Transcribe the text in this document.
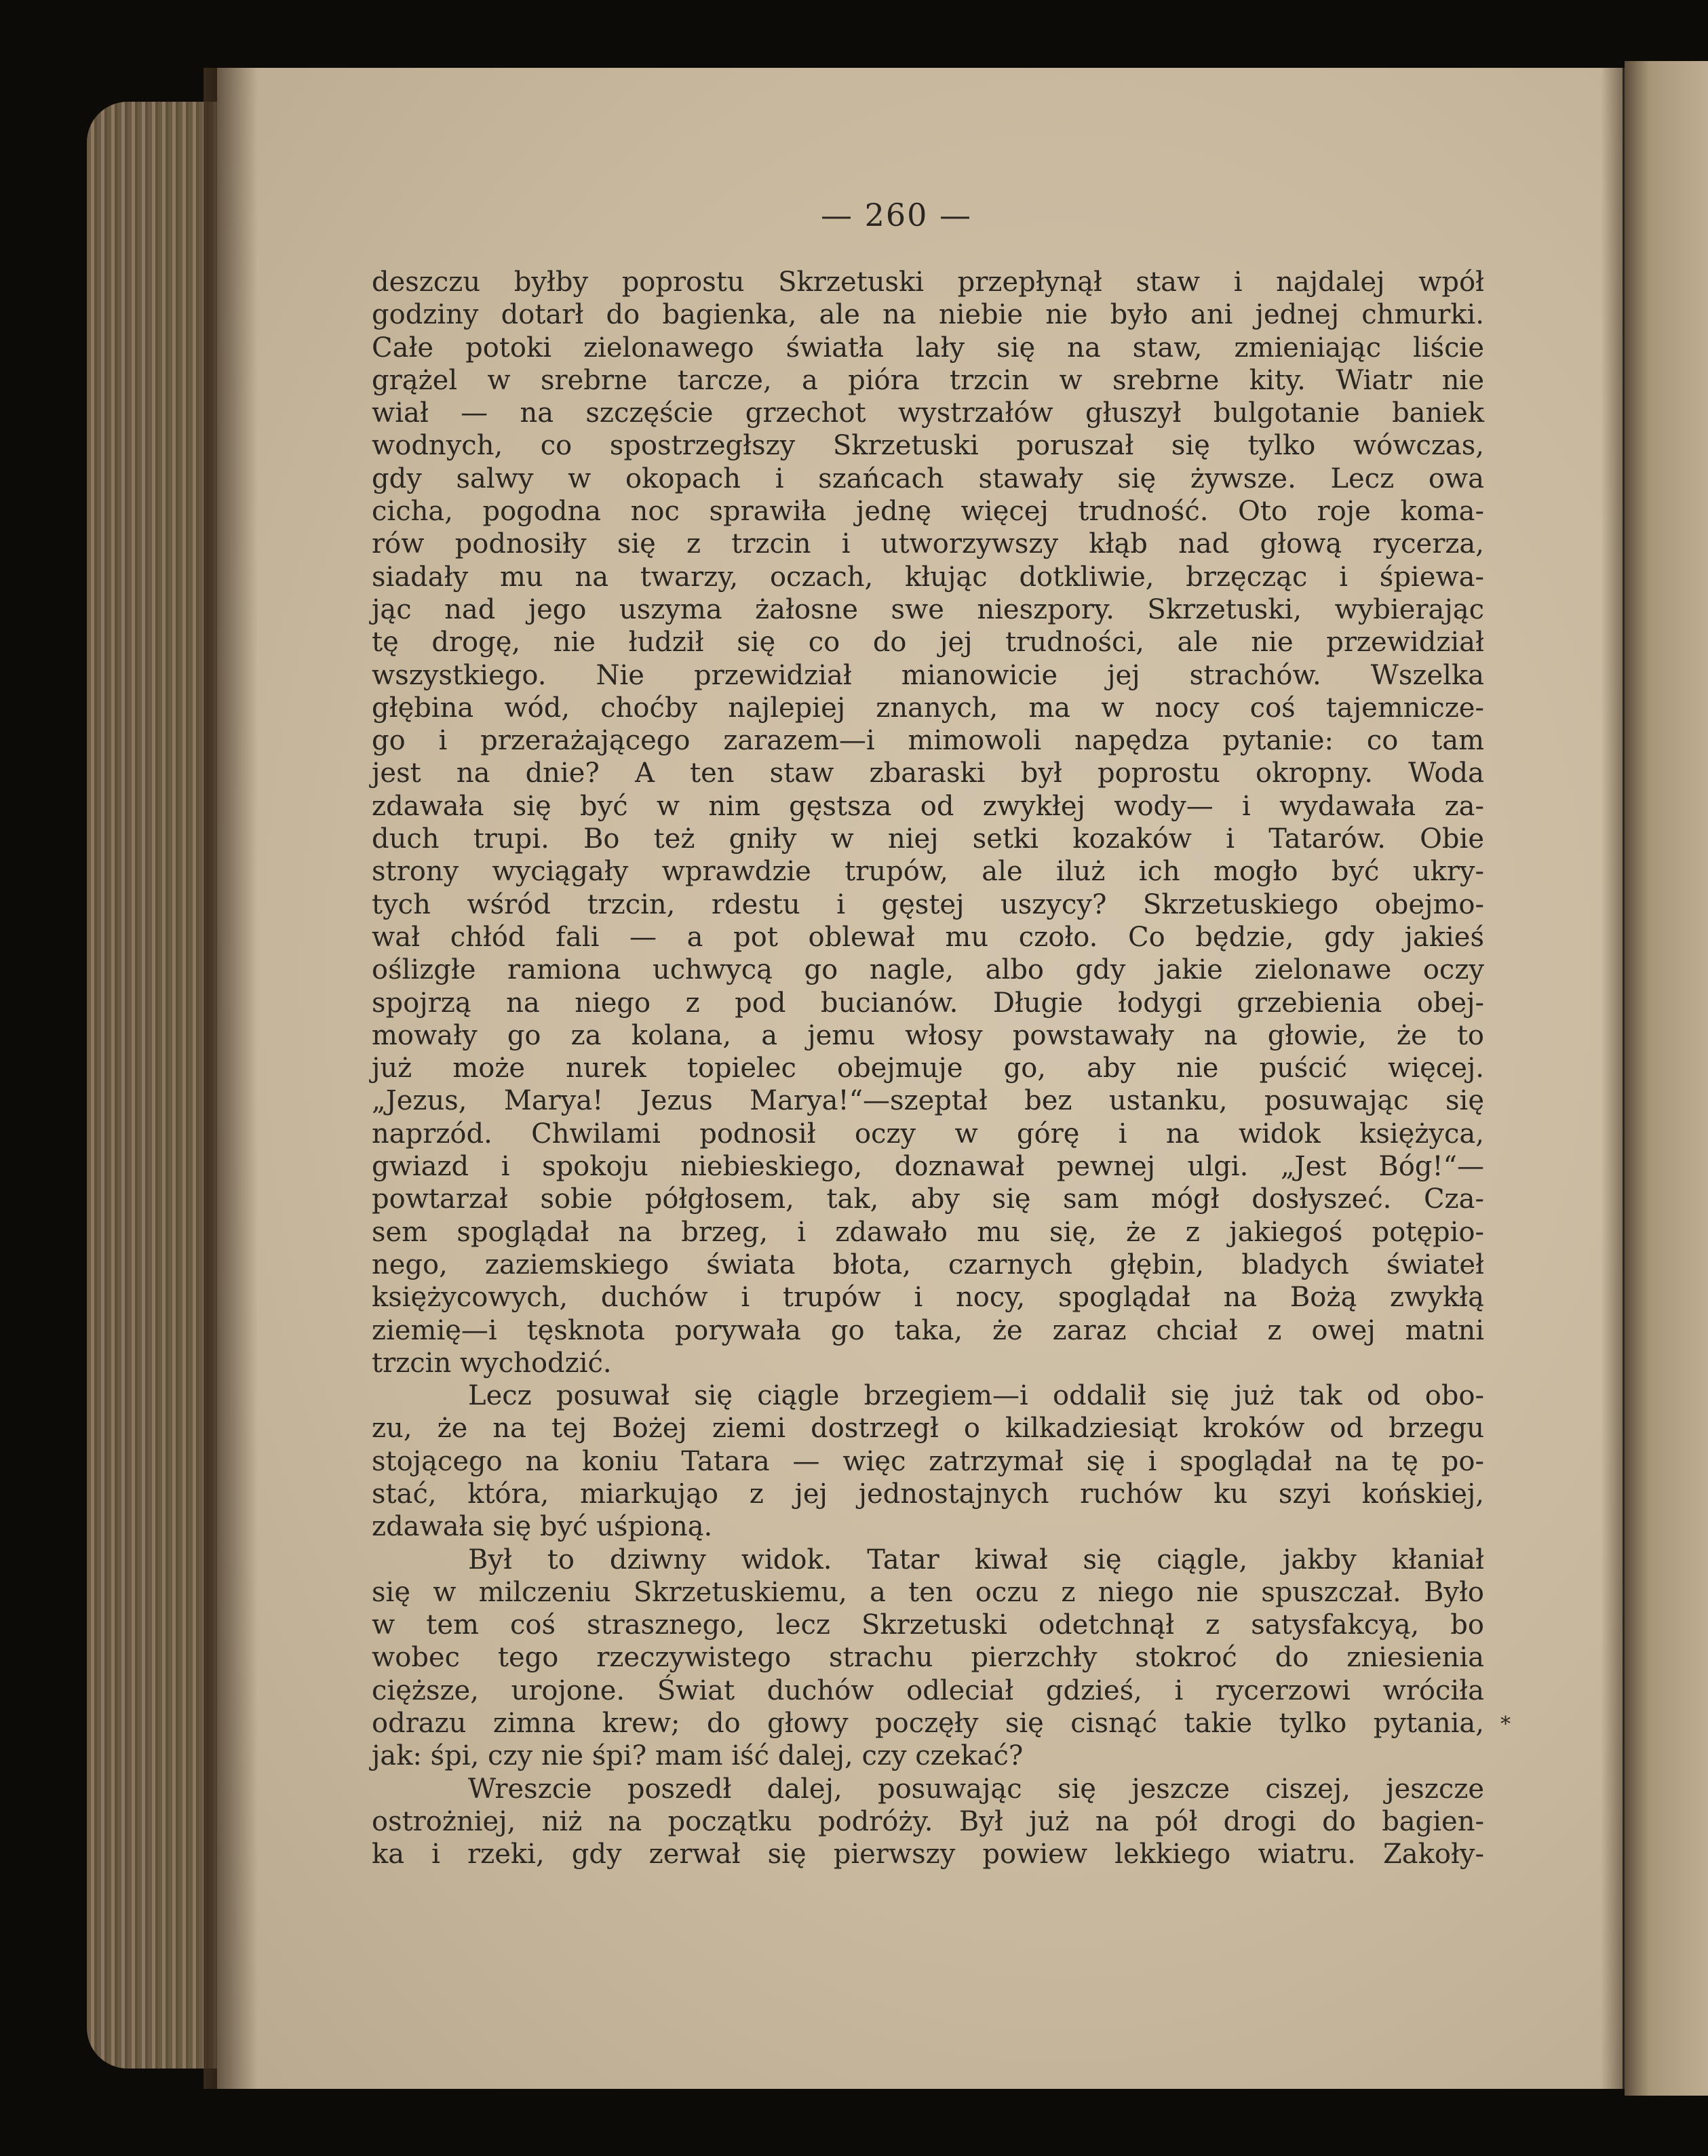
— 260 —
deszczu byłby poprostu Skrzetuski przepłynął staw i najdalej wpół
godziny dotarł do bagienka, ale na niebie nie było ani jednej chmurki.
Całe potoki zielonawego światła lały się na staw, zmieniając liście
grążel w srebrne tarcze, a pióra trzcin w srebrne kity. Wiatr nie
wiał — na szczęście grzechot wystrzałów głuszył bulgotanie baniek
wodnych, co spostrzegłszy Skrzetuski poruszał się tylko wówczas,
gdy salwy w okopach i szańcach stawały się żywsze. Lecz owa
cicha, pogodna noc sprawiła jednę więcej trudność. Oto roje koma-
rów podnosiły się z trzcin i utworzywszy kłąb nad głową rycerza,
siadały mu na twarzy, oczach, kłując dotkliwie, brzęcząc i śpiewa-
jąc nad jego uszyma żałosne swe nieszpory. Skrzetuski, wybierając
tę drogę, nie łudził się co do jej trudności, ale nie przewidział
wszystkiego. Nie przewidział mianowicie jej strachów. Wszelka
głębina wód, choćby najlepiej znanych, ma w nocy coś tajemnicze-
go i przerażającego zarazem—i mimowoli napędza pytanie: co tam
jest na dnie? A ten staw zbaraski był poprostu okropny. Woda
zdawała się być w nim gęstsza od zwykłej wody— i wydawała za-
duch trupi. Bo też gniły w niej setki kozaków i Tatarów. Obie
strony wyciągały wprawdzie trupów, ale iluż ich mogło być ukry-
tych wśród trzcin, rdestu i gęstej uszycy? Skrzetuskiego obejmo-
wał chłód fali — a pot oblewał mu czoło. Co będzie, gdy jakieś
oślizgłe ramiona uchwycą go nagle, albo gdy jakie zielonawe oczy
spojrzą na niego z pod bucianów. Długie łodygi grzebienia obej-
mowały go za kolana, a jemu włosy powstawały na głowie, że to
już może nurek topielec obejmuje go, aby nie puścić więcej.
„Jezus, Marya! Jezus Marya!“—szeptał bez ustanku, posuwając się
naprzód. Chwilami podnosił oczy w górę i na widok księżyca,
gwiazd i spokoju niebieskiego, doznawał pewnej ulgi. „Jest Bóg!“—
powtarzał sobie półgłosem, tak, aby się sam mógł dosłyszeć. Cza-
sem spoglądał na brzeg, i zdawało mu się, że z jakiegoś potępio-
nego, zaziemskiego świata błota, czarnych głębin, bladych świateł
księżycowych, duchów i trupów i nocy, spoglądał na Bożą zwykłą
ziemię—i tęsknota porywała go taka, że zaraz chciał z owej matni
trzcin wychodzić.
Lecz posuwał się ciągle brzegiem—i oddalił się już tak od obo-
zu, że na tej Bożej ziemi dostrzegł o kilkadziesiąt kroków od brzegu
stojącego na koniu Tatara — więc zatrzymał się i spoglądał na tę po-
stać, która, miarkująo z jej jednostajnych ruchów ku szyi końskiej,
zdawała się być uśpioną.
Był to dziwny widok. Tatar kiwał się ciągle, jakby kłaniał
się w milczeniu Skrzetuskiemu, a ten oczu z niego nie spuszczał. Było
w tem coś strasznego, lecz Skrzetuski odetchnął z satysfakcyą, bo
wobec tego rzeczywistego strachu pierzchły stokroć do zniesienia
cięższe, urojone. Świat duchów odleciał gdzieś, i rycerzowi wróciła
odrazu zimna krew; do głowy poczęły się cisnąć takie tylko pytania,
jak: śpi, czy nie śpi? mam iść dalej, czy czekać?
Wreszcie poszedł dalej, posuwając się jeszcze ciszej, jeszcze
ostrożniej, niż na początku podróży. Był już na pół drogi do bagien-
ka i rzeki, gdy zerwał się pierwszy powiew lekkiego wiatru. Zakoły-
*
